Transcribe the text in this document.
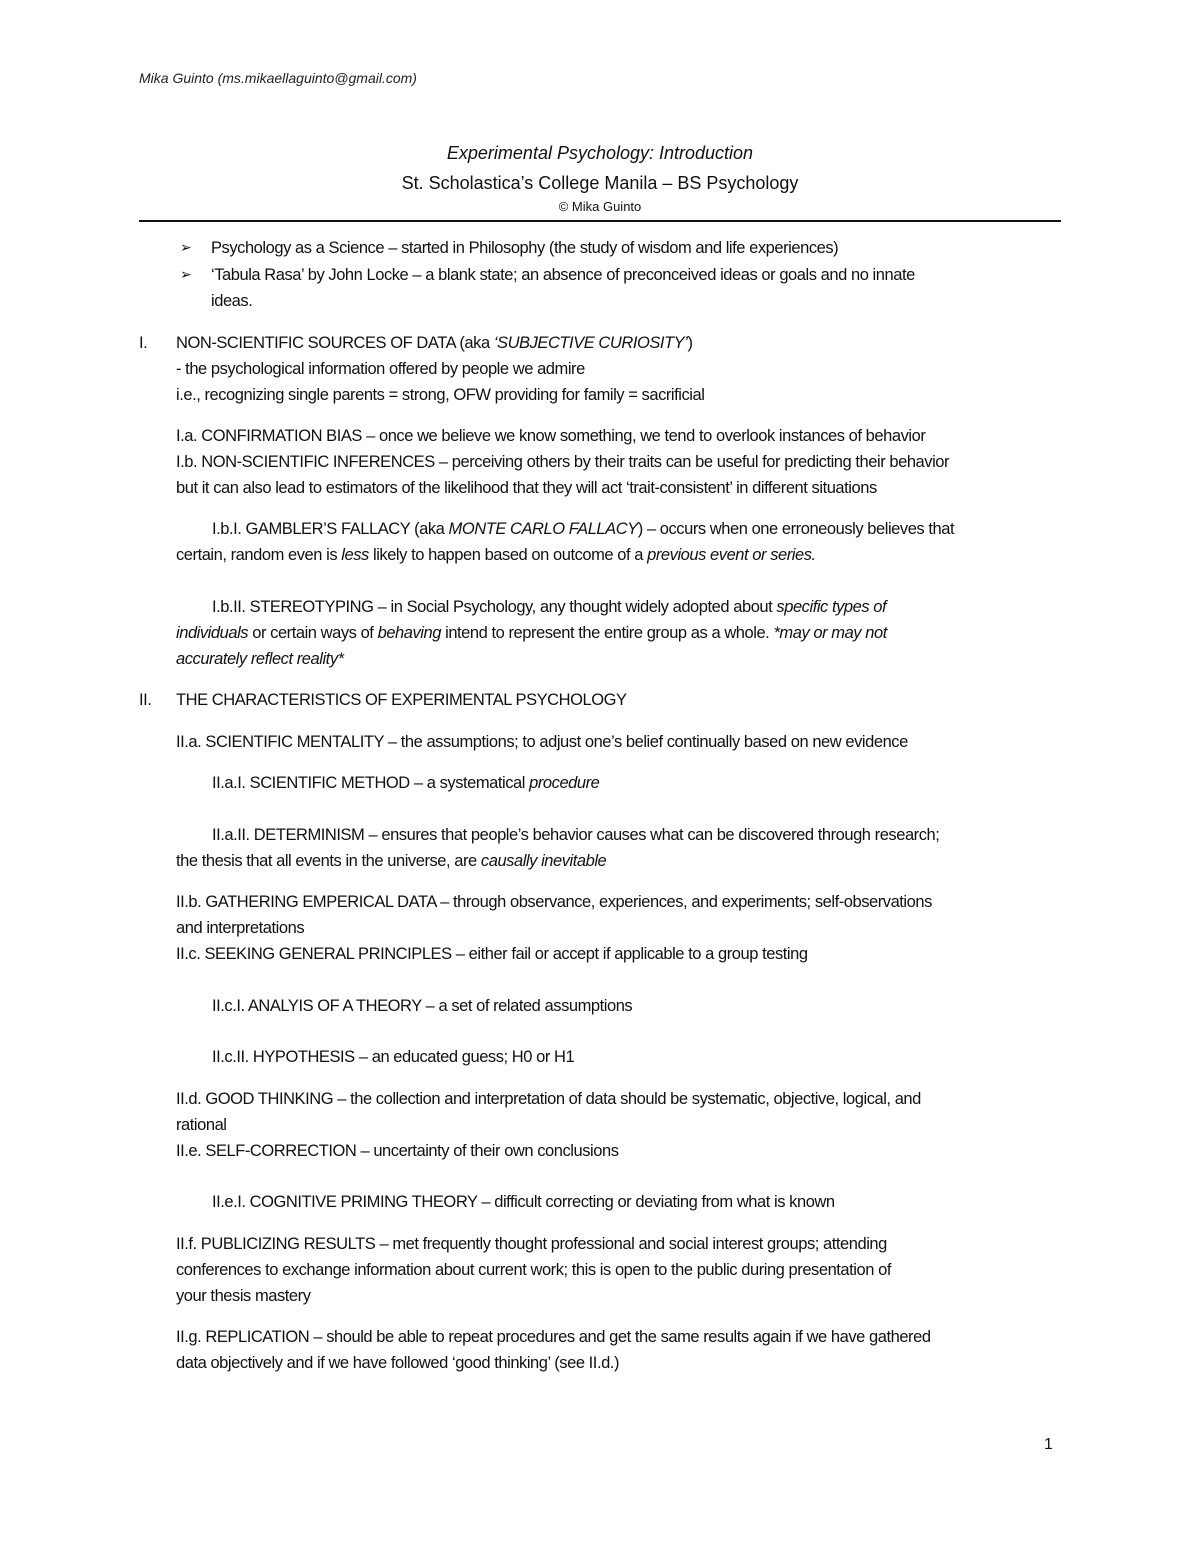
Mika Guinto (ms.mikaellaguinto@gmail.com)
Experimental Psychology: Introduction
St. Scholastica’s College Manila – BS Psychology
© Mika Guinto
➢ Psychology as a Science – started in Philosophy (the study of wisdom and life experiences)
➢ ‘Tabula Rasa’ by John Locke – a blank state; an absence of preconceived ideas or goals and no innate
ideas.
I. NON-SCIENTIFIC SOURCES OF DATA (aka ‘SUBJECTIVE CURIOSITY’)
- the psychological information offered by people we admire
i.e., recognizing single parents = strong, OFW providing for family = sacrificial
I.a. CONFIRMATION BIAS – once we believe we know something, we tend to overlook instances of behavior
I.b. NON-SCIENTIFIC INFERENCES – perceiving others by their traits can be useful for predicting their behavior
but it can also lead to estimators of the likelihood that they will act ‘trait-consistent’ in different situations
I.b.I. GAMBLER’S FALLACY (aka MONTE CARLO FALLACY) – occurs when one erroneously believes that
certain, random even is less likely to happen based on outcome of a previous event or series.
I.b.II. STEREOTYPING – in Social Psychology, any thought widely adopted about specific types of
individuals or certain ways of behaving intend to represent the entire group as a whole. *may or may not
accurately reflect reality*
II. THE CHARACTERISTICS OF EXPERIMENTAL PSYCHOLOGY
II.a. SCIENTIFIC MENTALITY – the assumptions; to adjust one’s belief continually based on new evidence
II.a.I. SCIENTIFIC METHOD – a systematical procedure
II.a.II. DETERMINISM – ensures that people’s behavior causes what can be discovered through research;
the thesis that all events in the universe, are causally inevitable
II.b. GATHERING EMPERICAL DATA – through observance, experiences, and experiments; self-observations
and interpretations
II.c. SEEKING GENERAL PRINCIPLES – either fail or accept if applicable to a group testing
II.c.I. ANALYIS OF A THEORY – a set of related assumptions
II.c.II. HYPOTHESIS – an educated guess; H0 or H1
II.d. GOOD THINKING – the collection and interpretation of data should be systematic, objective, logical, and
rational
II.e. SELF-CORRECTION – uncertainty of their own conclusions
II.e.I. COGNITIVE PRIMING THEORY – difficult correcting or deviating from what is known
II.f. PUBLICIZING RESULTS – met frequently thought professional and social interest groups; attending
conferences to exchange information about current work; this is open to the public during presentation of
your thesis mastery
II.g. REPLICATION – should be able to repeat procedures and get the same results again if we have gathered
data objectively and if we have followed ‘good thinking’ (see II.d.)
1
